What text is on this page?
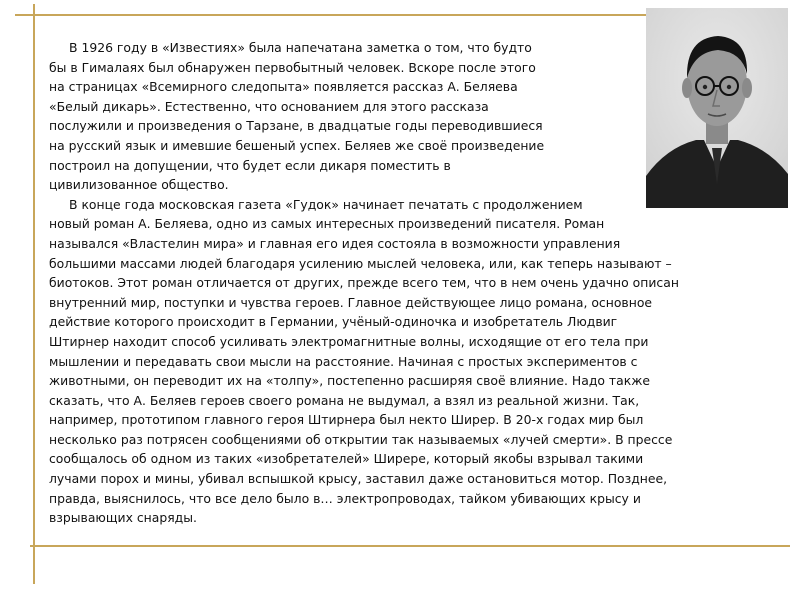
В 1926 году в «Известиях» была напечатана заметка о том, что будто
бы в Гималаях был обнаружен первобытный человек. Вскоре после этого
на страницах «Всемирного следопыта» появляется рассказ А. Беляева
«Белый дикарь». Естественно, что основанием для этого рассказа
послужили и произведения о Тарзане, в двадцатые годы переводившиеся
на русский язык и имевшие бешеный успех. Беляев же своё произведение
построил на допущении, что будет если дикаря поместить в
цивилизованное общество.
В конце года московская газета «Гудок» начинает печатать с продолжением
новый роман А. Беляева, одно из самых интересных произведений писателя. Роман
назывался «Властелин мира» и главная его идея состояла в возможности управления
большими массами людей благодаря усилению мыслей человека, или, как теперь называют –
биотоков. Этот роман отличается от других, прежде всего тем, что в нем очень удачно описан
внутренний мир, поступки и чувства героев. Главное действующее лицо романа, основное
действие которого происходит в Германии, учёный-одиночка и изобретатель Людвиг
Штирнер находит способ усиливать электромагнитные волны, исходящие от его тела при
мышлении и передавать свои мысли на расстояние. Начиная с простых экспериментов с
животными, он переводит их на «толпу», постепенно расширяя своё влияние. Надо также
сказать, что А. Беляев героев своего романа не выдумал, а взял из реальной жизни. Так,
например, прототипом главного героя Штирнера был некто Ширер. В 20-х годах мир был
несколько раз потрясен сообщениями об открытии так называемых «лучей смерти». В прессе
сообщалось об одном из таких «изобретателей» Ширере, который якобы взрывал такими
лучами порох и мины, убивал вспышкой крысу, заставил даже остановиться мотор. Позднее,
правда, выяснилось, что все дело было в… электропроводах, тайком убивающих крысу и
взрывающих снаряды.
